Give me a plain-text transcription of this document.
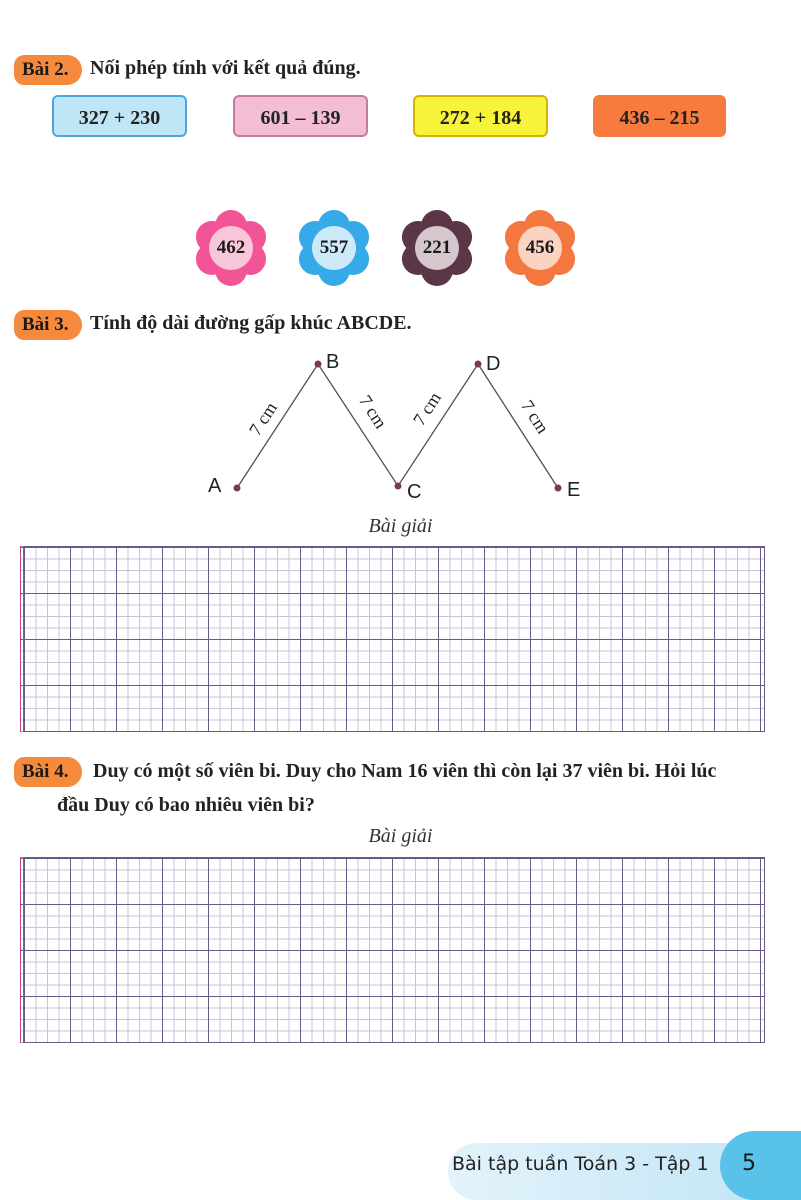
Bài 2.	Nối phép tính với kết quả đúng.
327 + 230	601 – 139	272 + 184	436 – 215
462	557	221	456
Bài 3.	Tính độ dài đường gấp khúc ABCDE.
A
B
C
D
E
7 cm	7 cm 7 cm	7 cm
Bài giải
Bài 4.	Duy có một số viên bi. Duy cho Nam 16 viên thì còn lại 37 viên bi. Hỏi lúc
đầu Duy có bao nhiêu viên bi?
Bài giải
Bài tập tuần Toán 3 - Tập 1 5
